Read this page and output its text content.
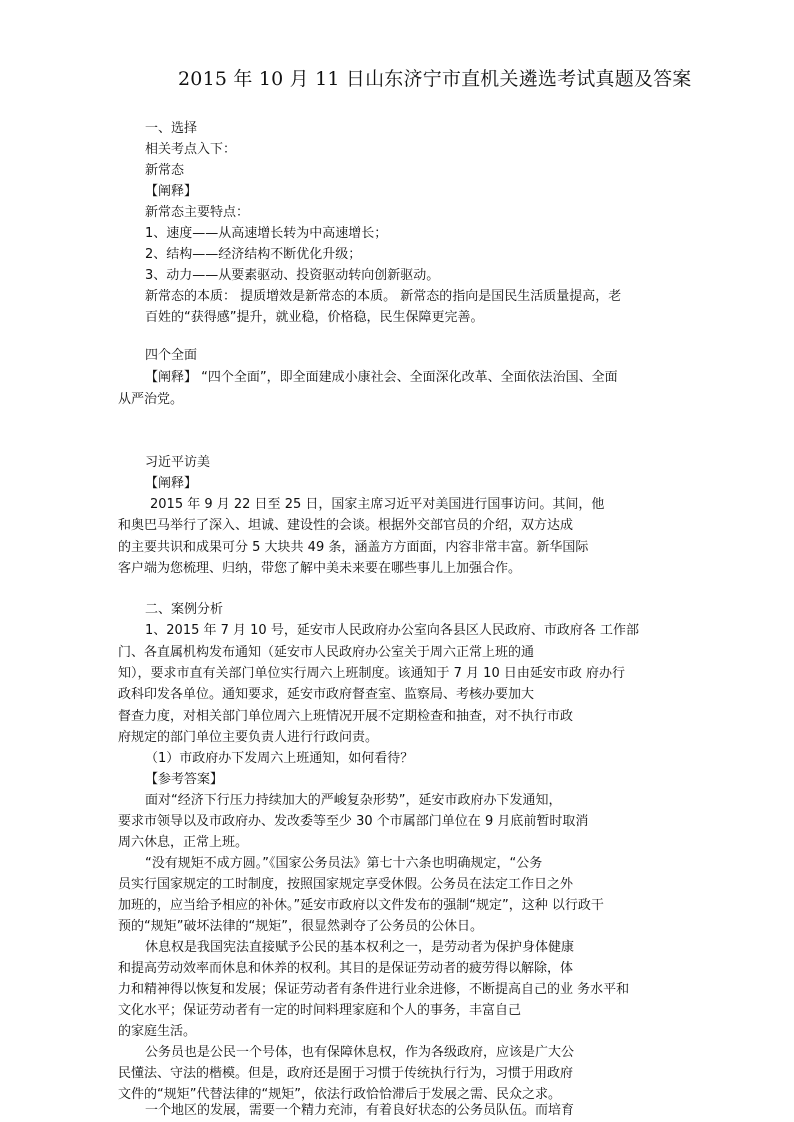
2015 年 10 月 11 日山东济宁市直机关遴选考试真题及答案
一、选择
相关考点入下：
新常态
【阐释】
新常态主要特点：
1、速度——从高速增长转为中高速增长；
2、结构——经济结构不断优化升级；
3、动力——从要素驱动、投资驱动转向创新驱动。
新常态的本质： 提质增效是新常态的本质。 新常态的指向是国民生活质量提高，老
百姓的“获得感”提升，就业稳，价格稳，民生保障更完善。
四个全面
【阐释】 “四个全面”，即全面建成小康社会、全面深化改革、全面依法治国、全面
从严治党。
习近平访美
【阐释】
2015 年 9 月 22 日至 25 日，国家主席习近平对美国进行国事访问。其间，他
和奥巴马举行了深入、坦诚、建设性的会谈。根据外交部官员的介绍，双方达成
的主要共识和成果可分 5 大块共 49 条，涵盖方方面面，内容非常丰富。新华国际
客户端为您梳理、归纳，带您了解中美未来要在哪些事儿上加强合作。
二、案例分析
1、2015 年 7 月 10 号，延安市人民政府办公室向各县区人民政府、市政府各 工作部
门、各直属机构发布通知（延安市人民政府办公室关于周六正常上班的通
知），要求市直有关部门单位实行周六上班制度。该通知于 7 月 10 日由延安市政 府办行
政科印发各单位。通知要求，延安市政府督查室、监察局、考核办要加大
督查力度，对相关部门单位周六上班情况开展不定期检查和抽查，对不执行市政
府规定的部门单位主要负责人进行行政问责。
（1）市政府办下发周六上班通知，如何看待？
【参考答案】
面对“经济下行压力持续加大的严峻复杂形势”，延安市政府办下发通知，
要求市领导以及市政府办、发改委等至少 30 个市属部门单位在 9 月底前暂时取消
周六休息，正常上班。
“没有规矩不成方圆。”《国家公务员法》第七十六条也明确规定，“公务
员实行国家规定的工时制度，按照国家规定享受休假。公务员在法定工作日之外
加班的，应当给予相应的补休。”延安市政府以文件发布的强制“规定”，这种 以行政干
预的“规矩”破坏法律的“规矩”，很显然剥夺了公务员的公休日。
休息权是我国宪法直接赋予公民的基本权利之一，是劳动者为保护身体健康
和提高劳动效率而休息和休养的权利。其目的是保证劳动者的疲劳得以解除，体
力和精神得以恢复和发展；保证劳动者有条件进行业余进修，不断提高自己的业 务水平和
文化水平；保证劳动者有一定的时间料理家庭和个人的事务，丰富自己
的家庭生活。
公务员也是公民一个号体，也有保障休息权，作为各级政府，应该是广大公
民懂法、守法的楷模。但是，政府还是囿于习惯于传统执行行为，习惯于用政府
文件的“规矩”代替法律的“规矩”，依法行政恰恰滞后于发展之需、民众之求。
一个地区的发展，需要一个精力充沛，有着良好状态的公务员队伍。而培育
